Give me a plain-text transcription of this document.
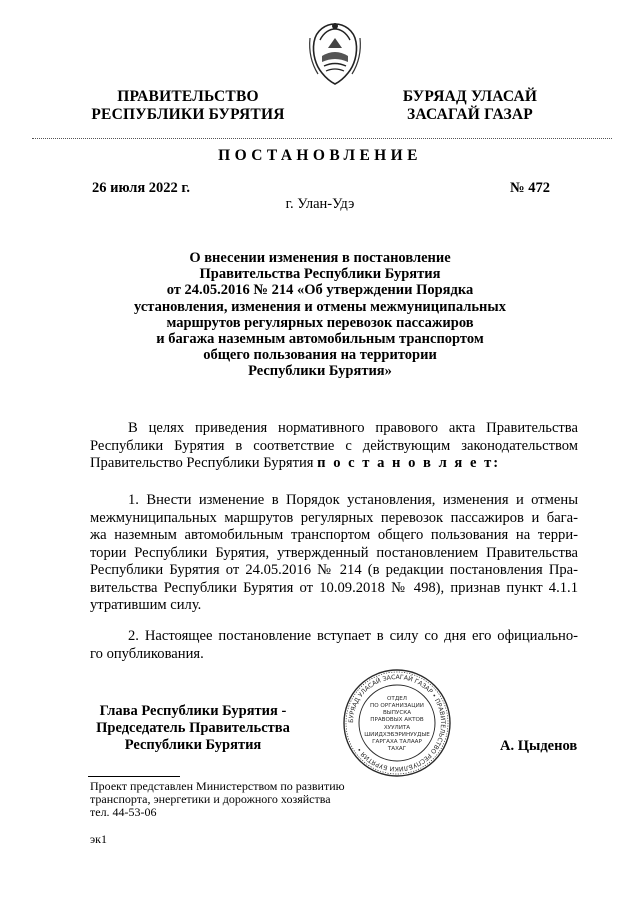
ПРАВИТЕЛЬСТВО
РЕСПУБЛИКИ БУРЯТИЯ
БУРЯАД УЛАСАЙ
ЗАСАГАЙ ГАЗАР
ПОСТАНОВЛЕНИЕ
26 июля 2022 г.	№ 472
г. Улан-Удэ
О внесении изменения в постановление
Правительства Республики Бурятия
от 24.05.2016 № 214 «Об утверждении Порядка
установления, изменения и отмены межмуниципальных
маршрутов регулярных перевозок пассажиров
и багажа наземным автомобильным транспортом
общего пользования на территории
Республики Бурятия»
В целях приведения нормативного правового акта Правительства
Республики Бурятия в соответствие с действующим законодательством
Правительство Республики Бурятия п о с т а н о в л я е т:
1. Внести изменение в Порядок установления, изменения и отмены
межмуниципальных маршрутов регулярных перевозок пассажиров и бага-
жа наземным автомобильным транспортом общего пользования на терри-
тории Республики Бурятия, утвержденный постановлением Правительства
Республики Бурятия от 24.05.2016 № 214 (в редакции постановления Пра-
вительства Республики Бурятия от 10.09.2018 № 498), признав пункт 4.1.1
утратившим силу.
2. Настоящее постановление вступает в силу со дня его официально-
го опубликования.
Глава Республики Бурятия -
Председатель Правительства
Республики Бурятия	А. Цыденов
БУРЯАД УЛАСАЙ ЗАСАГАЙ ГАЗАР • ПРАВИТЕЛЬСТВО РЕСПУБЛИКИ БУРЯТИЯ •
ОТДЕЛ
ПО ОРГАНИЗАЦИИ
ВЫПУСКА
ПРАВОВЫХ АКТОВ
ХУУЛИТА
ШИИДХЭБЭРИНУУДЫЕ
ГАРГАХА ТАЛААР
ТАХАГ
Проект представлен Министерством по развитию
транспорта, энергетики и дорожного хозяйства
тел. 44-53-06
эк1
